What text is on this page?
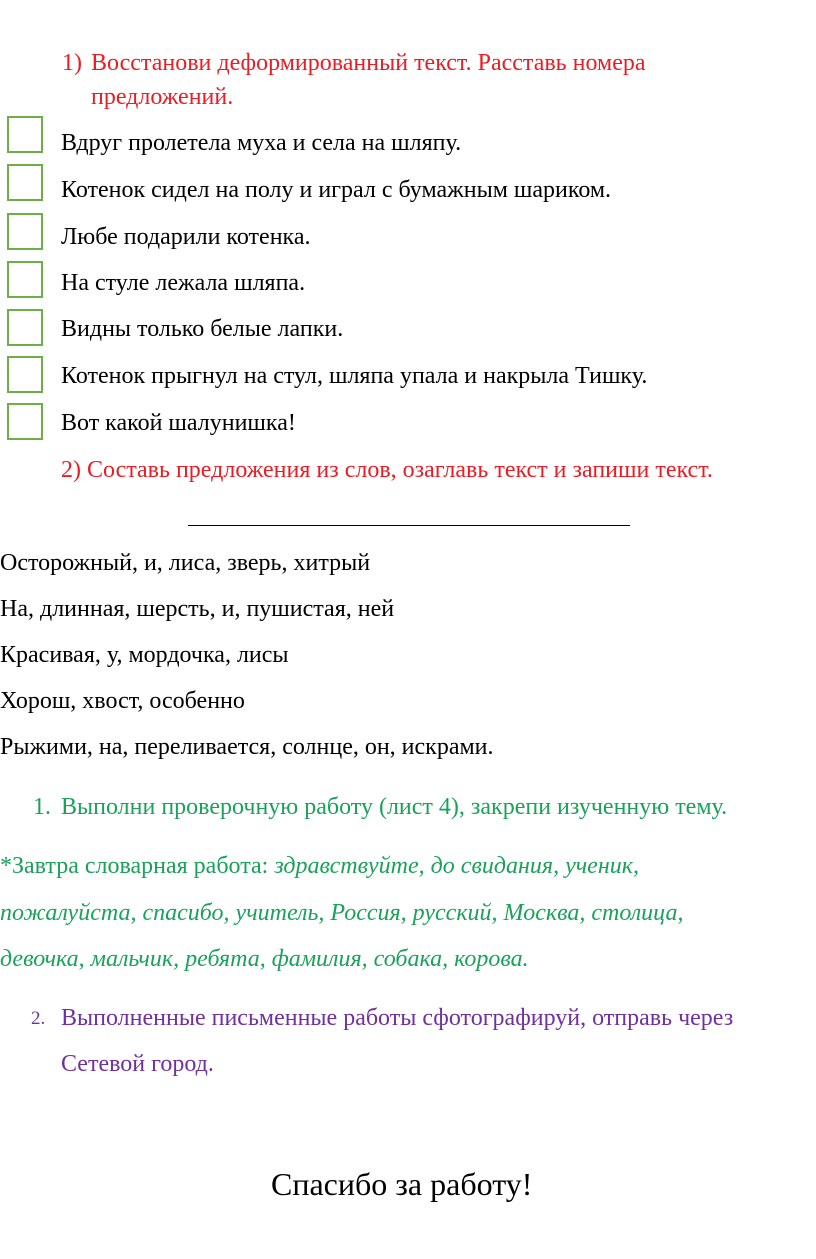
1) Восстанови деформированный текст. Расставь номера
предложений.
Вдруг пролетела муха и села на шляпу.
Котенок сидел на полу и играл с бумажным шариком.
Любе подарили котенка.
На стуле лежала шляпа.
Видны только белые лапки.
Котенок прыгнул на стул, шляпа упала и накрыла Тишку.
Вот какой шалунишка!
2) Составь предложения из слов, озаглавь текст и запиши текст.
Осторожный, и, лиса, зверь, хитрый
На, длинная, шерсть, и, пушистая, ней
Красивая, у, мордочка, лисы
Хорош, хвост, особенно
Рыжими, на, переливается, солнце, он, искрами.
1. Выполни проверочную работу (лист 4), закрепи изученную тему.
*Завтра словарная работа: здравствуйте, до свидания, ученик,
пожалуйста, спасибо, учитель, Россия, русский, Москва, столица,
девочка, мальчик, ребята, фамилия, собака, корова.
2. Выполненные письменные работы сфотографируй, отправь через
Сетевой город.
Спасибо за работу!
